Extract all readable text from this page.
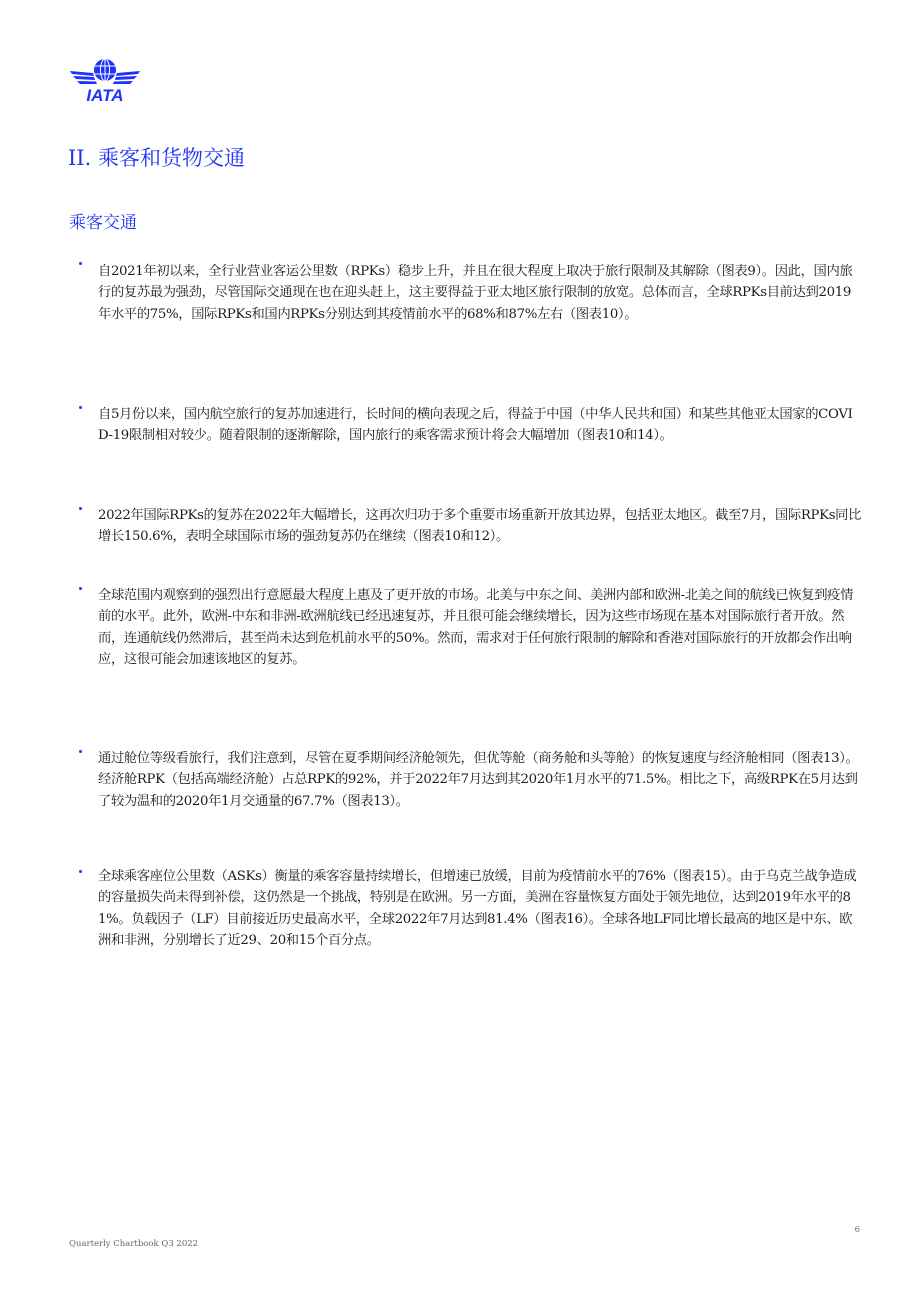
IATA
II. 乘客和货物交通
乘客交通

自2021年初以来，全行业营业客运公里数（RPKs）稳步上升，并且在很大程度上取决于旅行限制及其解除（图表9）。因此，国内旅行的复苏最为强劲，尽管国际交通现在也在迎头赶上，这主要得益于亚太地区旅行限制的放宽。总体而言，全球RPKs目前达到2019年水平的75%，国际RPKs和国内RPKs分别达到其疫情前水平的68%和87%左右（图表10）。

自5月份以来，国内航空旅行的复苏加速进行，长时间的横向表现之后，得益于中国（中华人民共和国）和某些其他亚太国家的COVID-19限制相对较少。随着限制的逐渐解除，国内旅行的乘客需求预计将会大幅增加（图表10和14）。

2022年国际RPKs的复苏在2022年大幅增长，这再次归功于多个重要市场重新开放其边界，包括亚太地区。截至7月，国际RPKs同比增长150.6%，表明全球国际市场的强劲复苏仍在继续（图表10和12）。

全球范围内观察到的强烈出行意愿最大程度上惠及了更开放的市场。北美与中东之间、美洲内部和欧洲-北美之间的航线已恢复到疫情前的水平。此外，欧洲-中东和非洲-欧洲航线已经迅速复苏，并且很可能会继续增长，因为这些市场现在基本对国际旅行者开放。然而，连通航线仍然滞后，甚至尚未达到危机前水平的50%。然而，需求对于任何旅行限制的解除和香港对国际旅行的开放都会作出响应，这很可能会加速该地区的复苏。

通过舱位等级看旅行，我们注意到，尽管在夏季期间经济舱领先，但优等舱（商务舱和头等舱）的恢复速度与经济舱相同（图表13）。经济舱RPK（包括高端经济舱）占总RPK的92%，并于2022年7月达到其2020年1月水平的71.5%。相比之下，高级RPK在5月达到了较为温和的2020年1月交通量的67.7%（图表13）。

全球乘客座位公里数（ASKs）衡量的乘客容量持续增长，但增速已放缓，目前为疫情前水平的76%（图表15）。由于乌克兰战争造成的容量损失尚未得到补偿，这仍然是一个挑战，特别是在欧洲。另一方面，美洲在容量恢复方面处于领先地位，达到2019年水平的81%。负载因子（LF）目前接近历史最高水平，全球2022年7月达到81.4%（图表16）。全球各地LF同比增长最高的地区是中东、欧洲和非洲，分别增长了近29、20和15个百分点。

6
Quarterly Chartbook Q3 2022
